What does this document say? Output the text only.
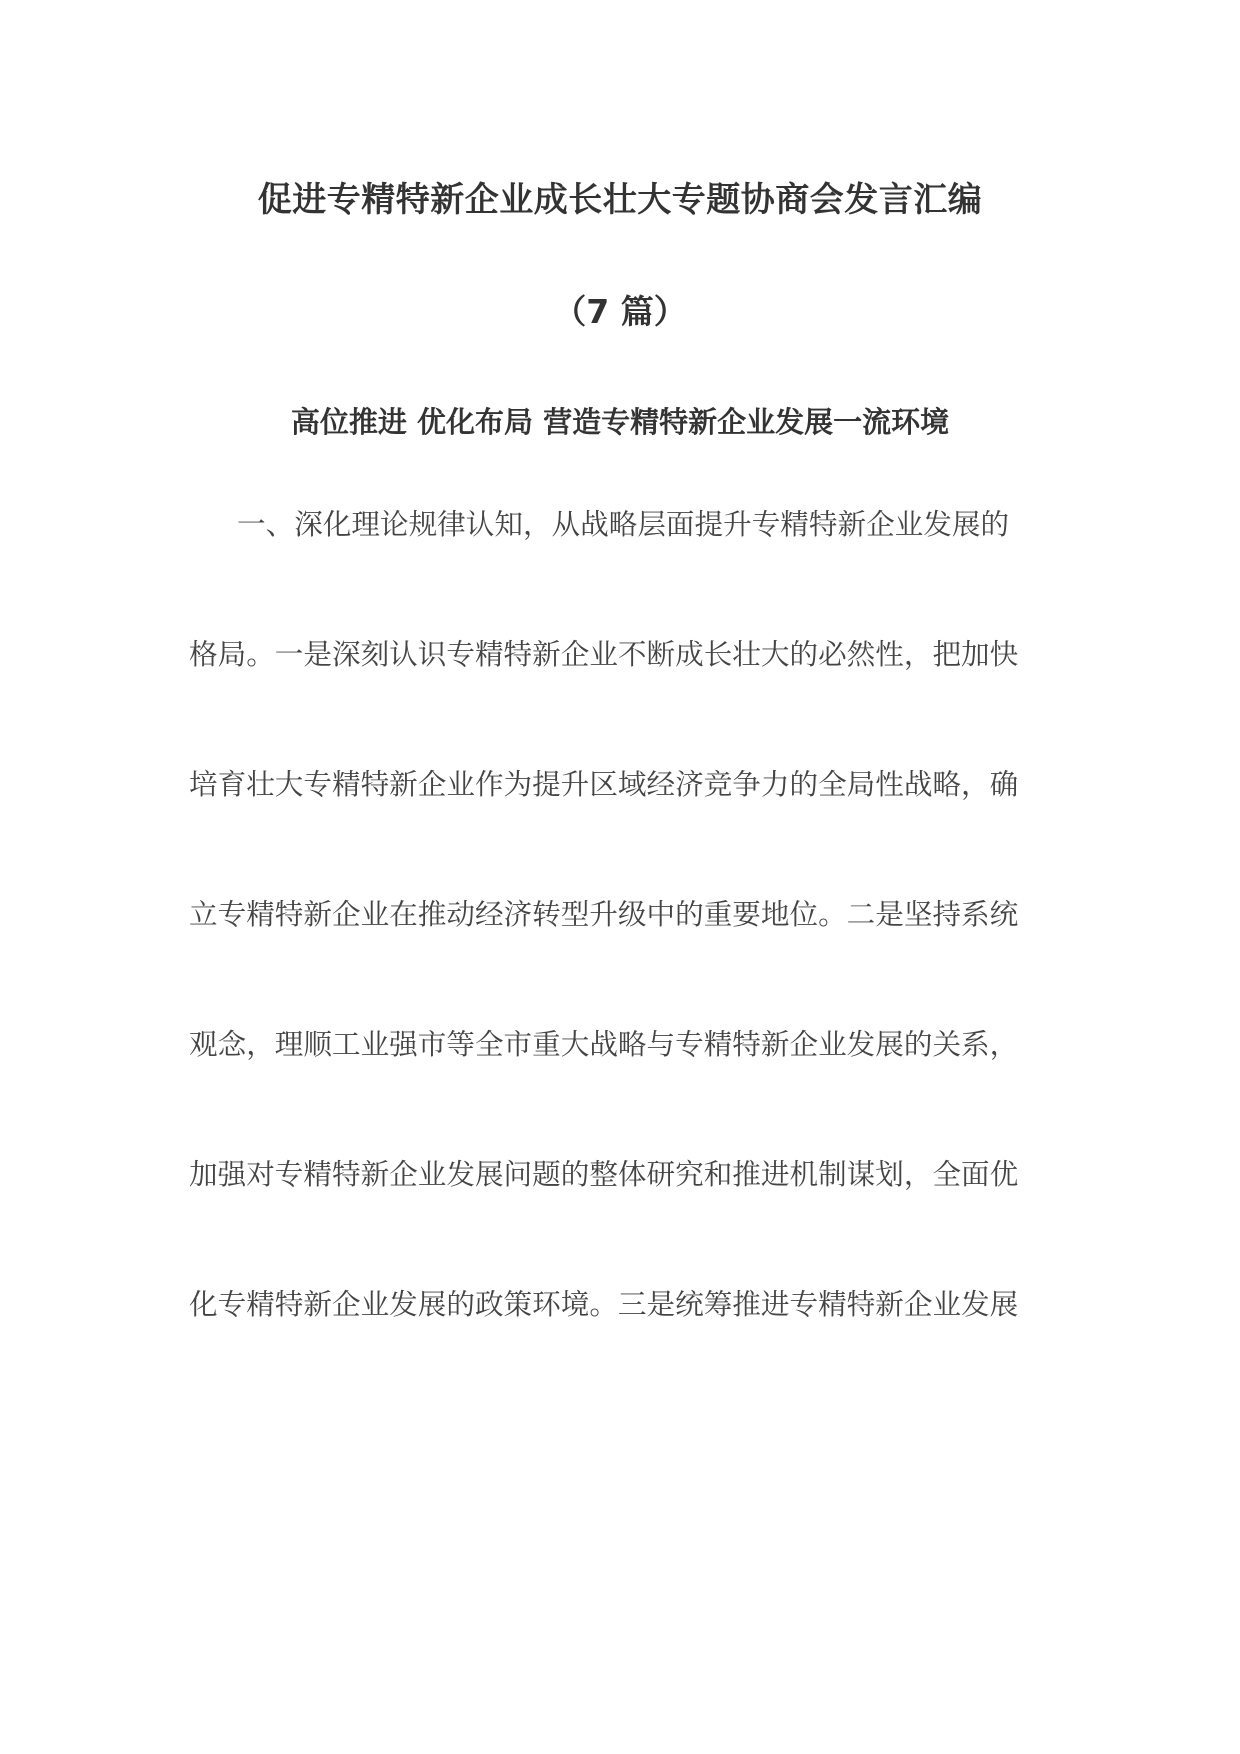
促进专精特新企业成长壮大专题协商会发言汇编
（7 篇）
高位推进 优化布局 营造专精特新企业发展一流环境
一、深化理论规律认知，从战略层面提升专精特新企业发展的
格局。一是深刻认识专精特新企业不断成长壮大的必然性，把加快
培育壮大专精特新企业作为提升区域经济竞争力的全局性战略，确
立专精特新企业在推动经济转型升级中的重要地位。二是坚持系统
观念，理顺工业强市等全市重大战略与专精特新企业发展的关系，
加强对专精特新企业发展问题的整体研究和推进机制谋划，全面优
化专精特新企业发展的政策环境。三是统筹推进专精特新企业发展
